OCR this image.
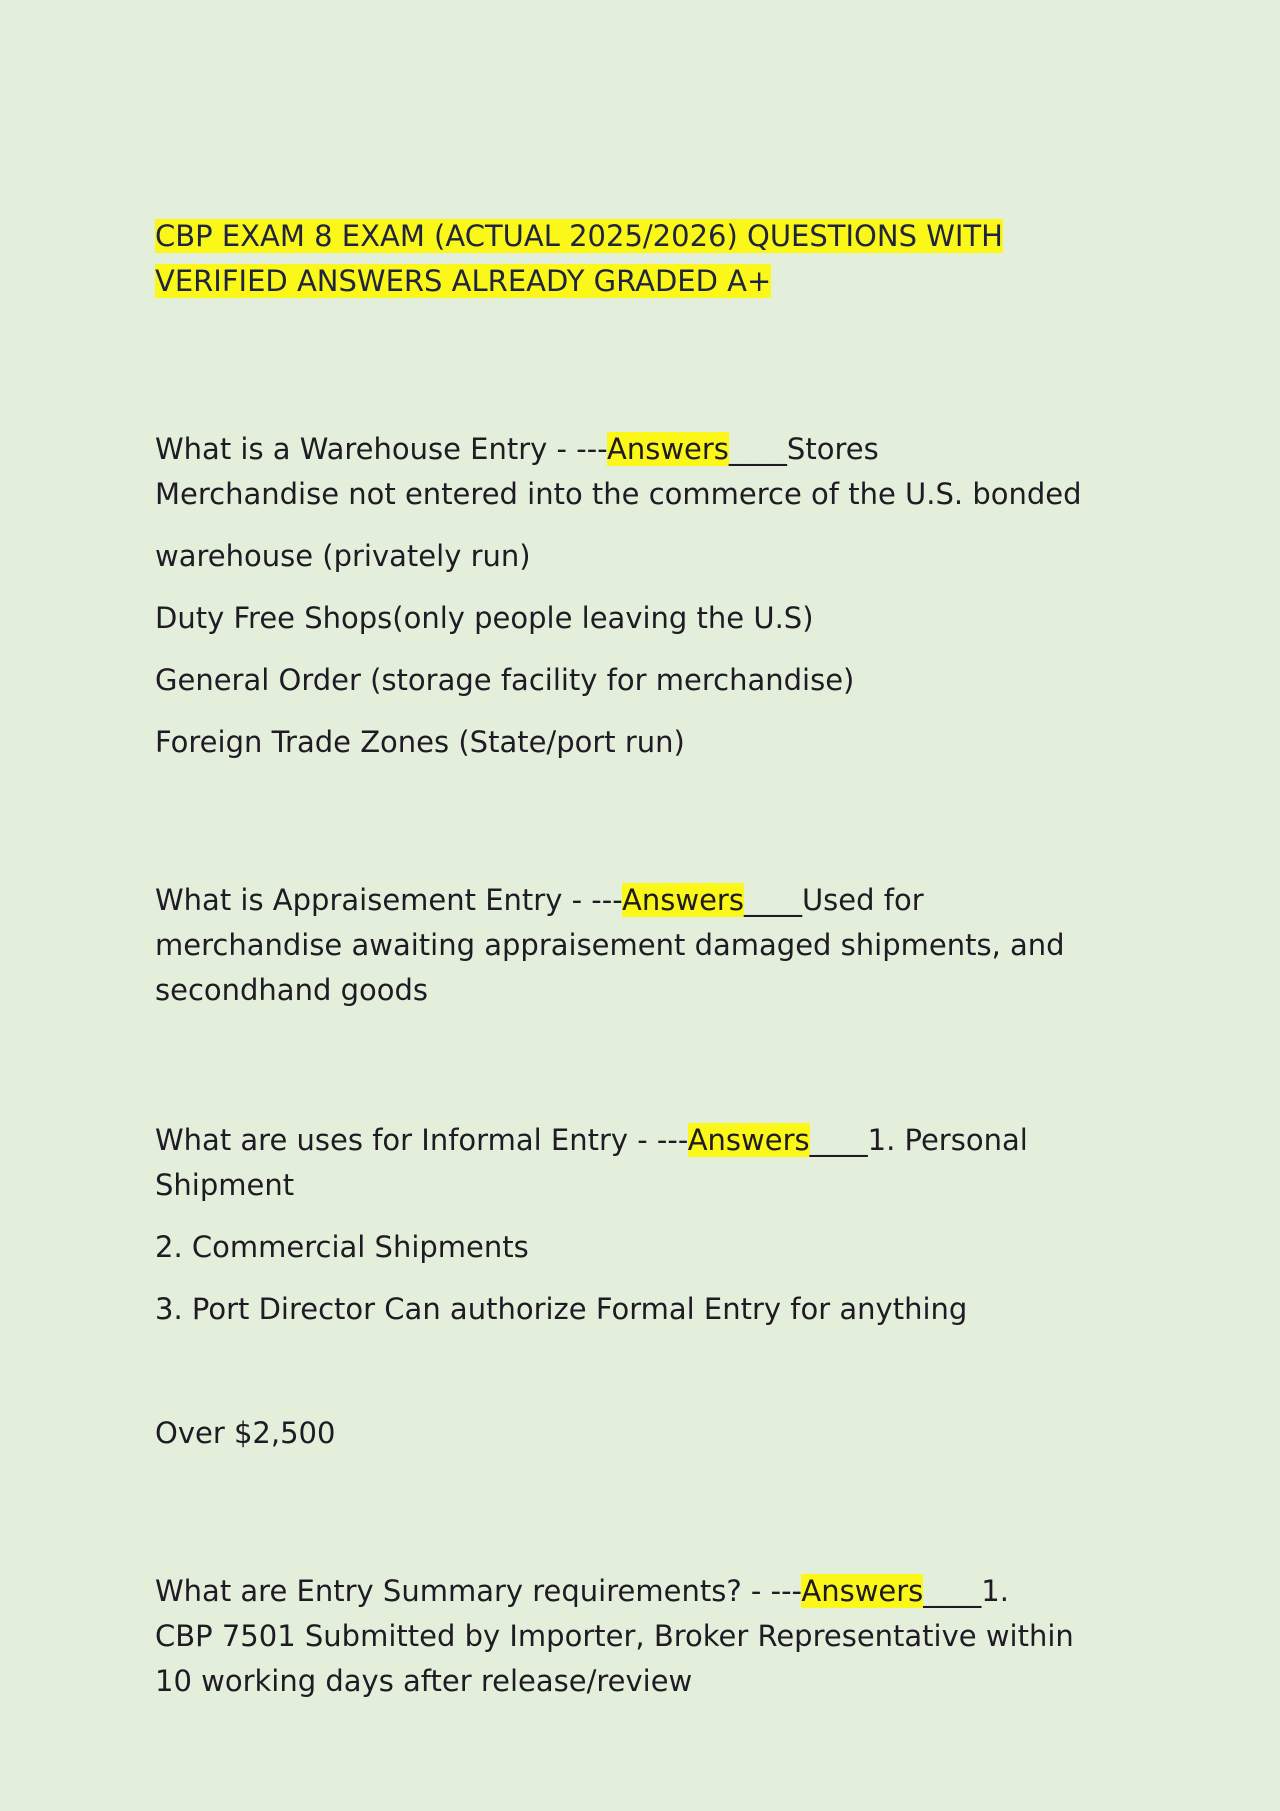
CBP EXAM 8 EXAM (ACTUAL 2025/2026) QUESTIONS WITH
VERIFIED ANSWERS ALREADY GRADED A+

What is a Warehouse Entry - ---Answers____Stores

Merchandise not entered into the commerce of the U.S. bonded

warehouse (privately run)

Duty Free Shops(only people leaving the U.S)

General Order (storage facility for merchandise)

Foreign Trade Zones (State/port run)

What is Appraisement Entry - ---Answers____Used for

merchandise awaiting appraisement damaged shipments, and

secondhand goods

What are uses for Informal Entry - ---Answers____1. Personal

Shipment

2. Commercial Shipments

3. Port Director Can authorize Formal Entry for anything

Over $2,500

What are Entry Summary requirements? - ---Answers____1.

CBP 7501 Submitted by Importer, Broker Representative within

10 working days after release/review
